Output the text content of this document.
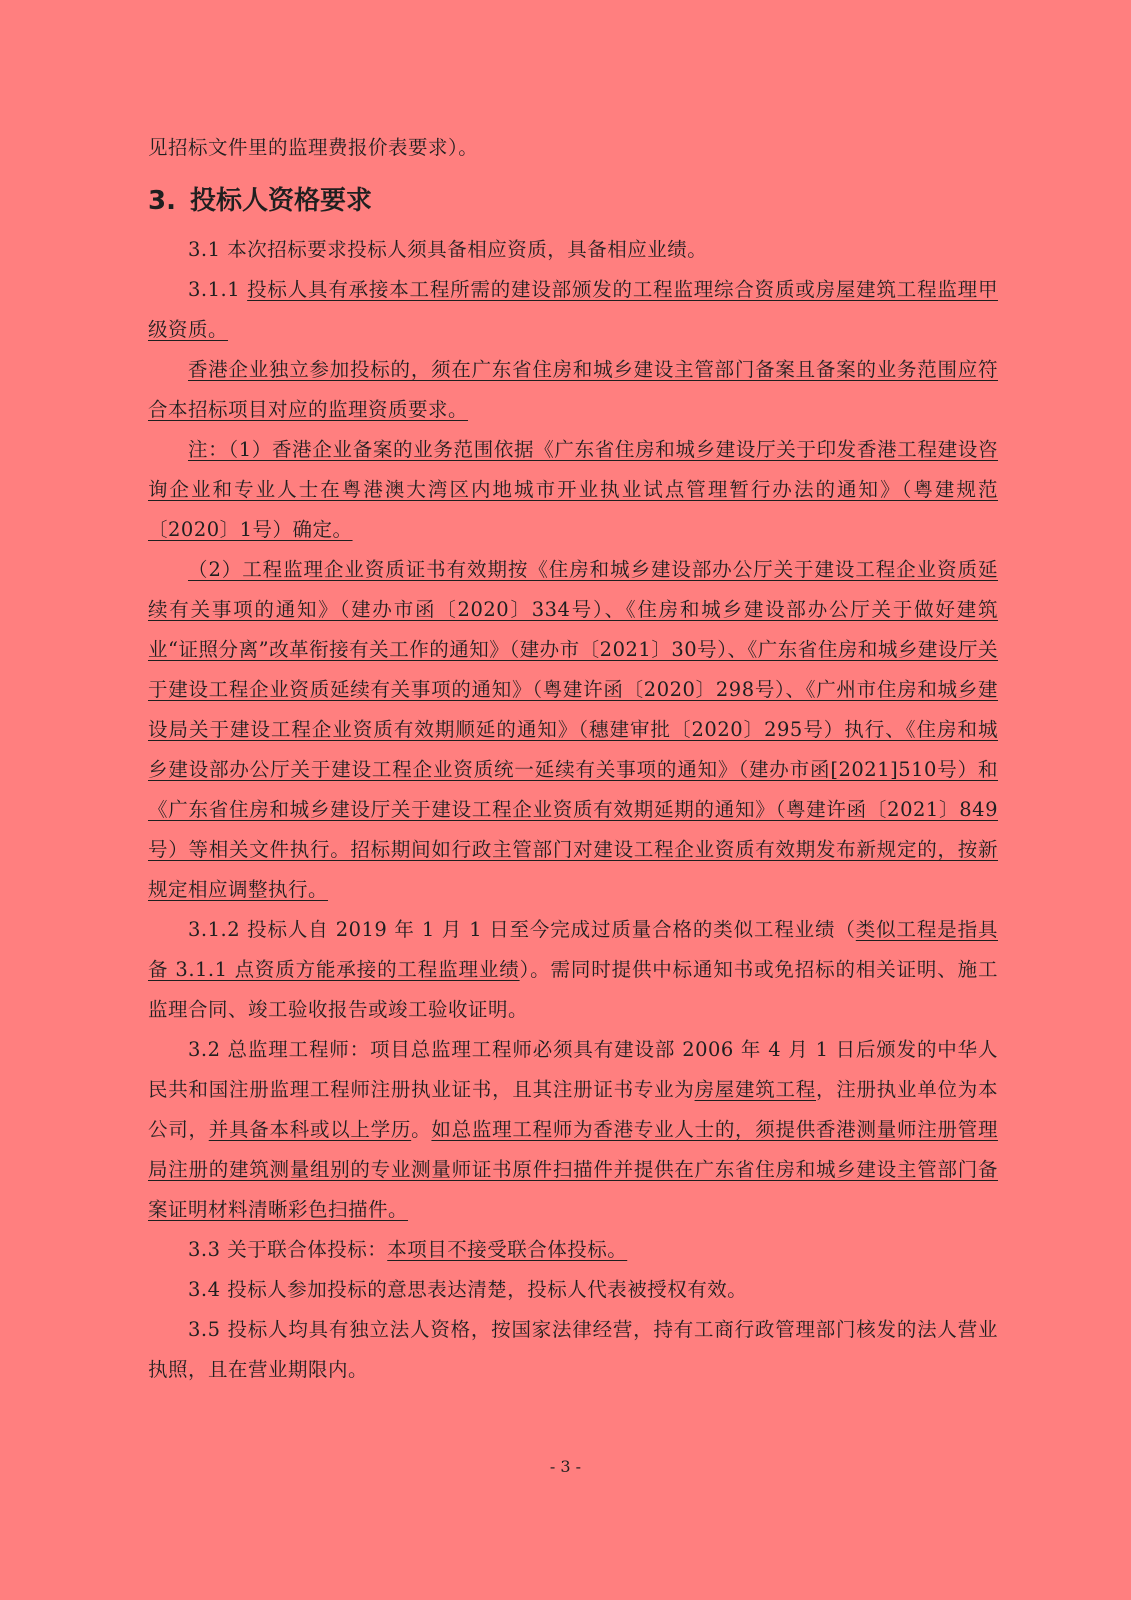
见招标文件里的监理费报价表要求）。

3. 投标人资格要求

3.1 本次招标要求投标人须具备相应资质，具备相应业绩。

3.1.1 投标人具有承接本工程所需的建设部颁发的工程监理综合资质或房屋建筑工程监理甲级资质。

香港企业独立参加投标的，须在广东省住房和城乡建设主管部门备案且备案的业务范围应符合本招标项目对应的监理资质要求。

注：（1）香港企业备案的业务范围依据《广东省住房和城乡建设厅关于印发香港工程建设咨询企业和专业人士在粤港澳大湾区内地城市开业执业试点管理暂行办法的通知》（粤建规范〔2020〕1号）确定。

（2）工程监理企业资质证书有效期按《住房和城乡建设部办公厅关于建设工程企业资质延续有关事项的通知》（建办市函〔2020〕334号）、《住房和城乡建设部办公厅关于做好建筑业“证照分离”改革衔接有关工作的通知》（建办市〔2021〕30号）、《广东省住房和城乡建设厅关于建设工程企业资质延续有关事项的通知》（粤建许函〔2020〕298号）、《广州市住房和城乡建设局关于建设工程企业资质有效期顺延的通知》（穗建审批〔2020〕295号）执行、《住房和城乡建设部办公厅关于建设工程企业资质统一延续有关事项的通知》（建办市函[2021]510号）和《广东省住房和城乡建设厅关于建设工程企业资质有效期延期的通知》（粤建许函〔2021〕849号）等相关文件执行。招标期间如行政主管部门对建设工程企业资质有效期发布新规定的，按新规定相应调整执行。

3.1.2 投标人自 2019 年 1 月 1 日至今完成过质量合格的类似工程业绩（类似工程是指具备 3.1.1 点资质方能承接的工程监理业绩）。需同时提供中标通知书或免招标的相关证明、施工监理合同、竣工验收报告或竣工验收证明。

3.2 总监理工程师：项目总监理工程师必须具有建设部 2006 年 4 月 1 日后颁发的中华人民共和国注册监理工程师注册执业证书，且其注册证书专业为房屋建筑工程，注册执业单位为本公司，并具备本科或以上学历。如总监理工程师为香港专业人士的，须提供香港测量师注册管理局注册的建筑测量组别的专业测量师证书原件扫描件并提供在广东省住房和城乡建设主管部门备案证明材料清晰彩色扫描件。

3.3 关于联合体投标：本项目不接受联合体投标。

3.4 投标人参加投标的意思表达清楚，投标人代表被授权有效。

3.5 投标人均具有独立法人资格，按国家法律经营，持有工商行政管理部门核发的法人营业执照，且在营业期限内。

- 3 -
